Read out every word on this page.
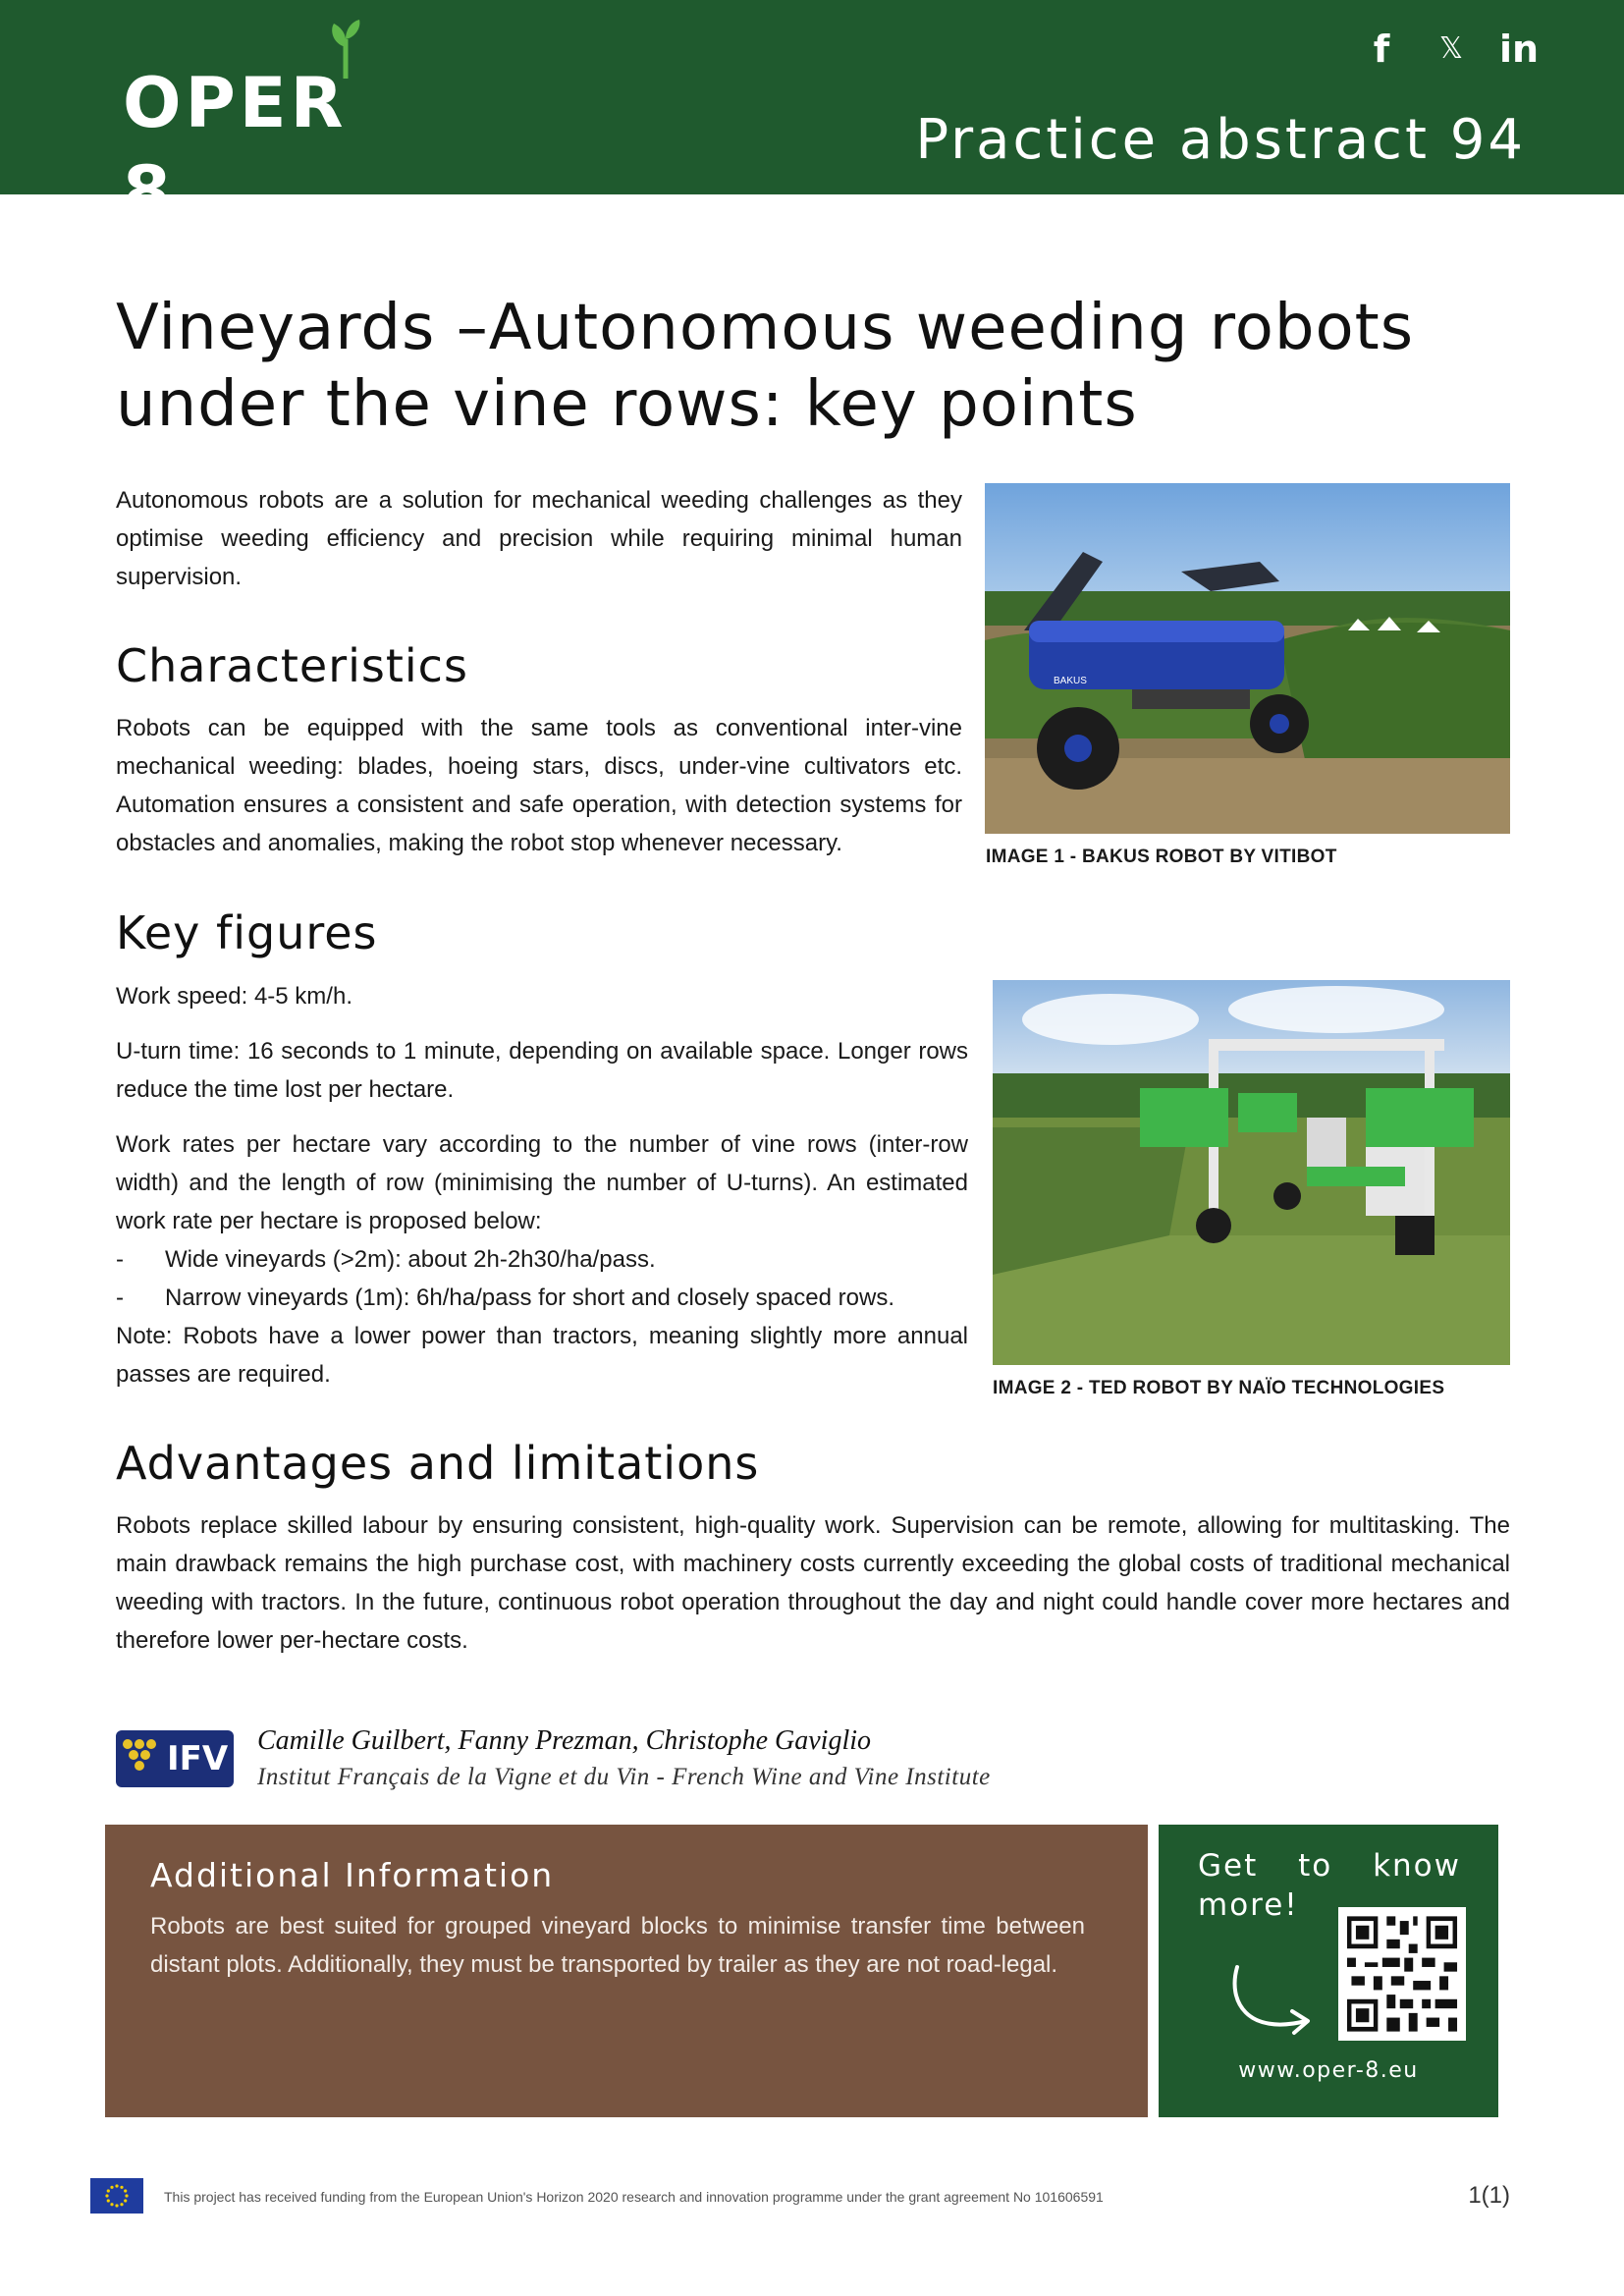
OPER 8
f 𝕏 in
Practice abstract 94
Vineyards –Autonomous weeding robots under the vine rows: key points

Autonomous robots are a solution for mechanical weeding challenges as they optimise weeding efficiency and precision while requiring minimal human supervision.

Characteristics

Robots can be equipped with the same tools as conventional inter-vine mechanical weeding: blades, hoeing stars, discs, under-vine cultivators etc. Automation ensures a consistent and safe operation, with detection systems for obstacles and anomalies, making the robot stop whenever necessary.

BAKUS
IMAGE 1 - BAKUS ROBOT BY VITIBOT
Key figures

Work speed: 4-5 km/h.

U-turn time: 16 seconds to 1 minute, depending on available space. Longer rows reduce the time lost per hectare.

Work rates per hectare vary according to the number of vine rows (inter-row width) and the length of row (minimising the number of U-turns). An estimated work rate per hectare is proposed below:

-	Wide vineyards (>2m): about 2h-2h30/ha/pass.
-	Narrow vineyards (1m): 6h/ha/pass for short and closely spaced rows.

Note: Robots have a lower power than tractors, meaning slightly more annual passes are required.

IMAGE 2 - TED ROBOT BY NAÏO TECHNOLOGIES
Advantages and limitations

Robots replace skilled labour by ensuring consistent, high-quality work. Supervision can be remote, allowing for multitasking. The main drawback remains the high purchase cost, with machinery costs currently exceeding the global costs of traditional mechanical weeding with tractors. In the future, continuous robot operation throughout the day and night could handle cover more hectares and therefore lower per-hectare costs.

IFV Camille Guilbert, Fanny Prezman, Christophe Gaviglio
Institut Français de la Vigne et du Vin - French Wine and Vine Institute
Additional Information

Robots are best suited for grouped vineyard blocks to minimise transfer time between distant plots. Additionally, they must be transported by trailer as they are not road-legal.

Get to know more!
www.oper-8.eu
This project has received funding from the European Union's Horizon 2020 research and innovation programme under the grant agreement No 101606591	1(1)
